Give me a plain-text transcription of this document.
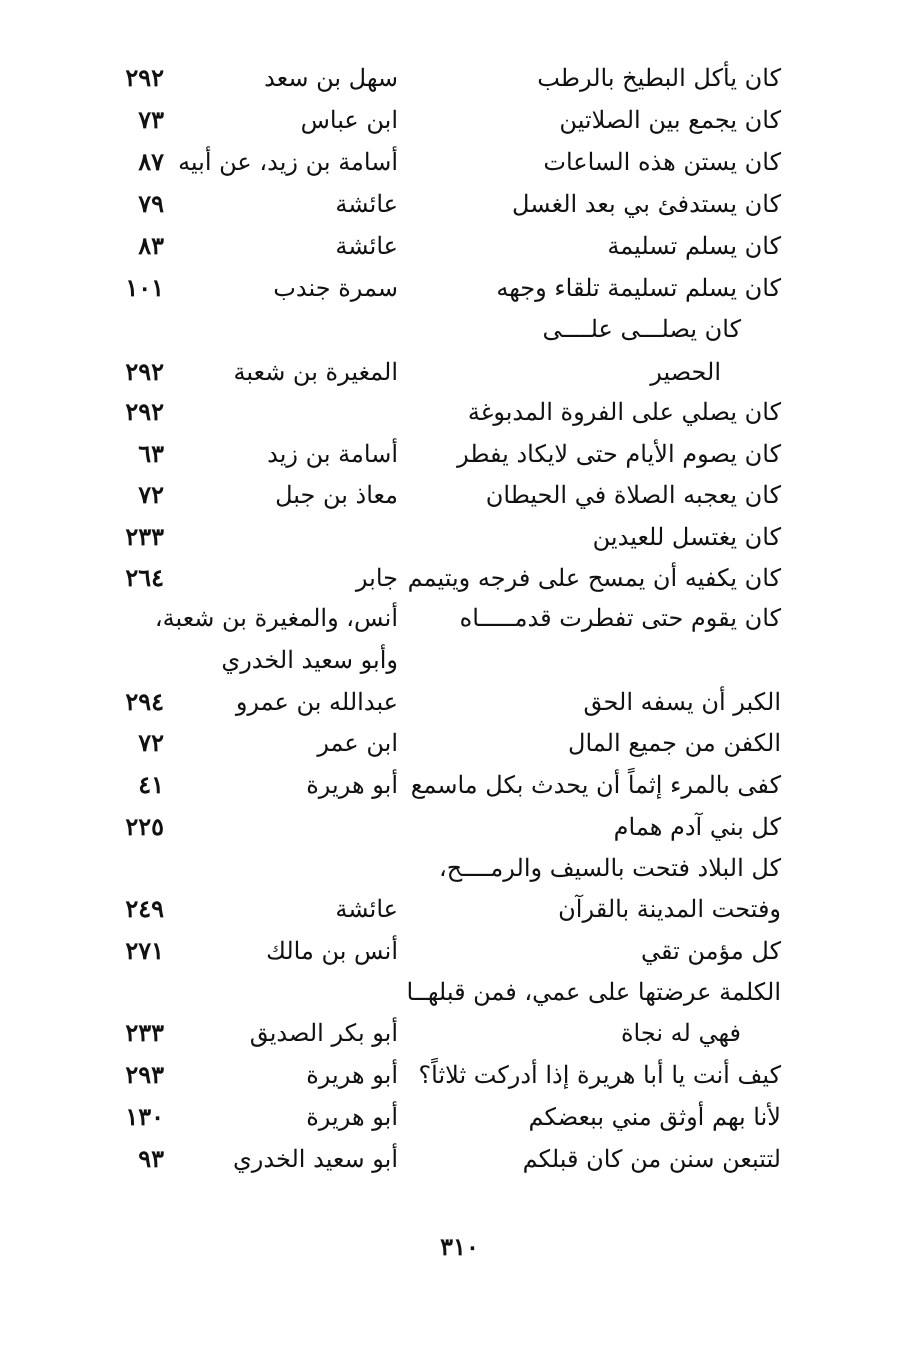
كان يأكل البطيخ بالرطب
سهل بن سعد
٢٩٢
كان يجمع بين الصلاتين
ابن عباس
٧٣
كان يستن هذه الساعات
أسامة بن زيد، عن أبيه
٨٧
كان يستدفئ بي بعد الغسل
عائشة
٧٩
كان يسلم تسليمة
عائشة
٨٣
كان يسلم تسليمة تلقاء وجهه
سمرة جندب
١٠١
كان يصلـــى علــــى
الحصير
المغيرة بن شعبة
٢٩٢
كان يصلي على الفروة المدبوغة
٢٩٢
كان يصوم الأيام حتى لايكاد يفطر
أسامة بن زيد
٦٣
كان يعجبه الصلاة في الحيطان
معاذ بن جبل
٧٢
كان يغتسل للعيدين
٢٣٣
كان يكفيه أن يمسح على فرجه ويتيمم
جابر
٢٦٤
كان يقوم حتى تفطرت قدمـــــاه
أنس، والمغيرة بن شعبة،
وأبو سعيد الخدري
الكبر أن يسفه الحق
عبدالله بن عمرو
٢٩٤
الكفن من جميع المال
ابن عمر
٧٢
كفى بالمرء إثماً أن يحدث بكل ماسمع
أبو هريرة
٤١
كل بني آدم همام
٢٢٥
كل البلاد فتحت بالسيف والرمــــح،
وفتحت المدينة بالقرآن
عائشة
٢٤٩
كل مؤمن تقي
أنس بن مالك
٢٧١
الكلمة عرضتها على عمي، فمن قبلهــا
فهي له نجاة
أبو بكر الصديق
٢٣٣
كيف أنت يا أبا هريرة إذا أدركت ثلاثاً؟
أبو هريرة
٢٩٣
لأنا بهم أوثق مني ببعضكم
أبو هريرة
١٣٠
لتتبعن سنن من كان قبلكم
أبو سعيد الخدري
٩٣
٣١٠
